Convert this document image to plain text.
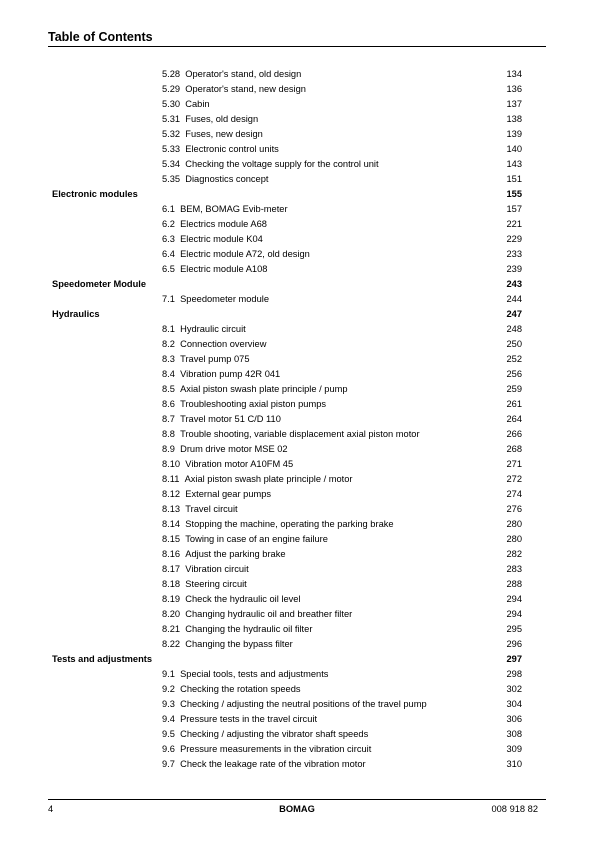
Table of Contents
5.28 Operator's stand, old design	134
5.29 Operator's stand, new design	136
5.30 Cabin	137
5.31 Fuses, old design	138
5.32 Fuses, new design	139
5.33 Electronic control units	140
5.34 Checking the voltage supply for the control unit	143
5.35 Diagnostics concept	151
Electronic modules	155
6.1 BEM, BOMAG Evib-meter	157
6.2 Electrics module A68	221
6.3 Electric module K04	229
6.4 Electric module A72, old design	233
6.5 Electric module A108	239
Speedometer Module	243
7.1 Speedometer module	244
Hydraulics	247
8.1 Hydraulic circuit	248
8.2 Connection overview	250
8.3 Travel pump 075	252
8.4 Vibration pump 42R 041	256
8.5 Axial piston swash plate principle / pump	259
8.6 Troubleshooting axial piston pumps	261
8.7 Travel motor 51 C/D 110	264
8.8 Trouble shooting, variable displacement axial piston motor	266
8.9 Drum drive motor MSE 02	268
8.10 Vibration motor A10FM 45	271
8.11 Axial piston swash plate principle / motor	272
8.12 External gear pumps	274
8.13 Travel circuit	276
8.14 Stopping the machine, operating the parking brake	280
8.15 Towing in case of an engine failure	280
8.16 Adjust the parking brake	282
8.17 Vibration circuit	283
8.18 Steering circuit	288
8.19 Check the hydraulic oil level	294
8.20 Changing hydraulic oil and breather filter	294
8.21 Changing the hydraulic oil filter	295
8.22 Changing the bypass filter	296
Tests and adjustments	297
9.1 Special tools, tests and adjustments	298
9.2 Checking the rotation speeds	302
9.3 Checking / adjusting the neutral positions of the travel pump	304
9.4 Pressure tests in the travel circuit	306
9.5 Checking / adjusting the vibrator shaft speeds	308
9.6 Pressure measurements in the vibration circuit	309
9.7 Check the leakage rate of the vibration motor	310
4	BOMAG	008 918 82
